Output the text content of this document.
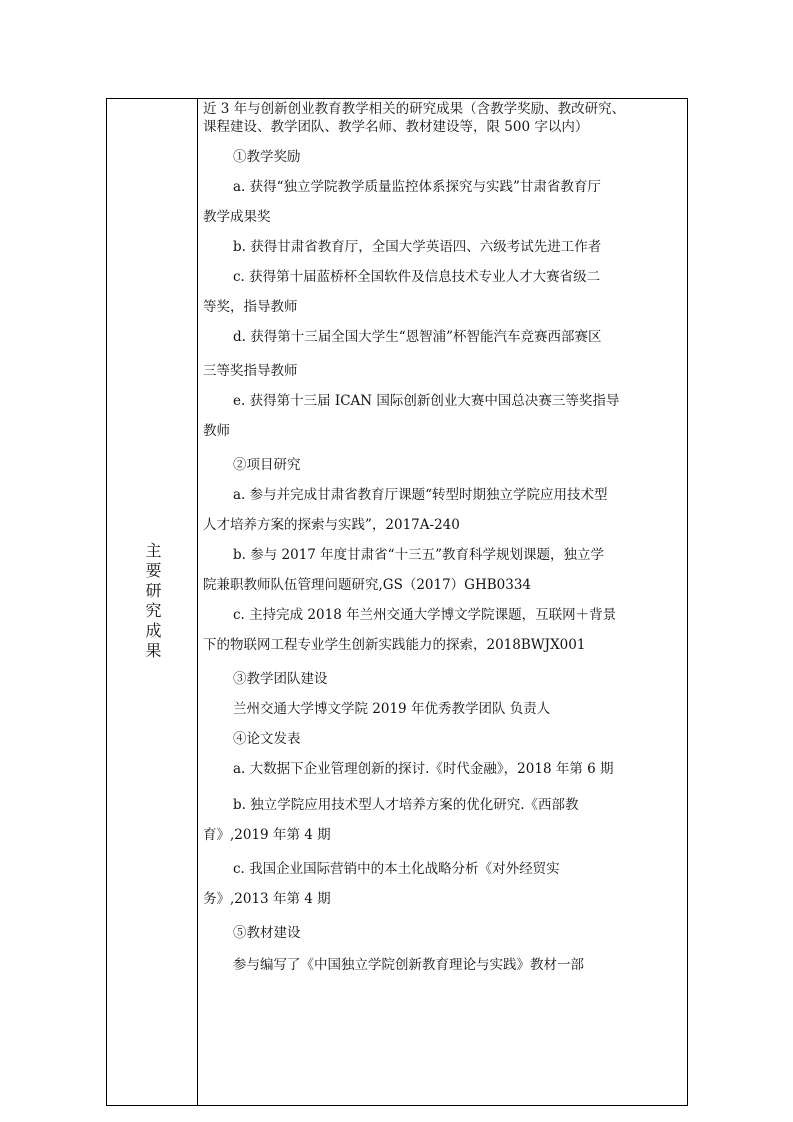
主要研究成果
近 3 年与创新创业教育教学相关的研究成果（含教学奖励、教改研究、
课程建设、教学团队、教学名师、教材建设等，限 500 字以内）
①教学奖励
a. 获得“独立学院教学质量监控体系探究与实践”甘肃省教育厅
教学成果奖
b. 获得甘肃省教育厅，全国大学英语四、六级考试先进工作者
c. 获得第十届蓝桥杯全国软件及信息技术专业人才大赛省级二
等奖，指导教师
d. 获得第十三届全国大学生“恩智浦”杯智能汽车竞赛西部赛区
三等奖指导教师
e. 获得第十三届 ICAN 国际创新创业大赛中国总决赛三等奖指导
教师
②项目研究
a. 参与并完成甘肃省教育厅课题“转型时期独立学院应用技术型
人才培养方案的探索与实践”，2017A-240
b. 参与 2017 年度甘肃省“十三五”教育科学规划课题，独立学
院兼职教师队伍管理问题研究,GS（2017）GHB0334
c. 主持完成 2018 年兰州交通大学博文学院课题，互联网＋背景
下的物联网工程专业学生创新实践能力的探索，2018BWJX001
③教学团队建设
兰州交通大学博文学院 2019 年优秀教学团队 负责人
④论文发表
a. 大数据下企业管理创新的探讨.《时代金融》，2018 年第 6 期
b. 独立学院应用技术型人才培养方案的优化研究.《西部教
育》,2019 年第 4 期
c. 我国企业国际营销中的本土化战略分析《对外经贸实
务》,2013 年第 4 期
⑤教材建设
参与编写了《中国独立学院创新教育理论与实践》教材一部
